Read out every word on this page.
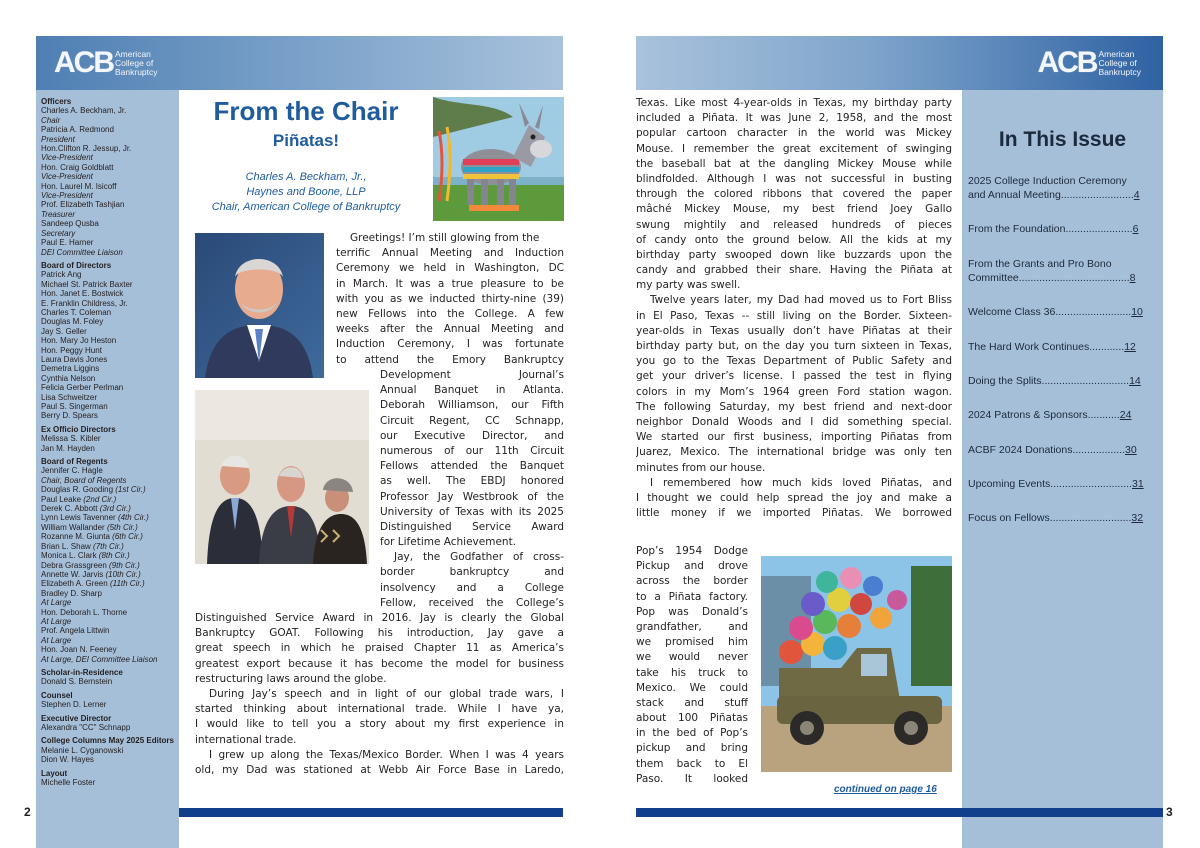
ACB American
College of
Bankruptcy
Officers
Charles A. Beckham, Jr.
Chair
Patricia A. Redmond
President
Hon.Clifton R. Jessup, Jr.
Vice-President
Hon. Craig Goldblatt
Vice-President
Hon. Laurel M. Isicoff
Vice-President
Prof. Elizabeth Tashjian
Treasurer
Sandeep Qusba
Secretary
Paul E. Harner
DEI Committee Liaison
Board of Directors
Patrick Ang
Michael St. Patrick Baxter
Hon. Janet E. Bostwick
E. Franklin Childress, Jr.
Charles T. Coleman
Douglas M. Foley
Jay S. Geller
Hon. Mary Jo Heston
Hon. Peggy Hunt
Laura Davis Jones
Demetra Liggins
Cynthia Nelson
Felicia Gerber Perlman
Lisa Schweitzer
Paul S. Singerman
Berry D. Spears
Ex Officio Directors
Melissa S. Kibler
Jan M. Hayden
Board of Regents
Jennifer C. Hagle
Chair, Board of Regents
Douglas R. Gooding (1st Cir.)
Paul Leake (2nd Cir.)
Derek C. Abbott (3rd Cir.)
Lynn Lewis Tavenner (4th Cir.)
William Wallander (5th Cir.)
Rozanne M. Giunta (6th Cir.)
Brian L. Shaw (7th Cir.)
Monica L. Clark (8th Cir.)
Debra Grassgreen (9th Cir.)
Annette W. Jarvis (10th Cir.)
Elizabeth A. Green (11th Cir.)
Bradley D. Sharp
At Large
Hon. Deborah L. Thorne
At Large
Prof. Angela Littwin
At Large
Hon. Joan N. Feeney
At Large, DEI Committee Liaison
Scholar-in-Residence
Donald S. Bernstein
Counsel
Stephen D. Lerner
Executive Director
Alexandra "CC" Schnapp
College Columns May 2025 Editors
Melanie L. Cyganowski
Dion W. Hayes
Layout
Michelle Foster
From the Chair
Piñatas!
Charles A. Beckham, Jr.,
Haynes and Boone, LLP
Chair, American College of Bankruptcy
Greetings! I’m still glowing from the
terrific Annual Meeting and Induction
Ceremony we held in Washington, DC
in March. It was a true pleasure to be
with you as we inducted thirty-nine (39)
new Fellows into the College. A few
weeks after the Annual Meeting and
Induction Ceremony, I was fortunate
to attend the Emory Bankruptcy
Development Journal’s
Annual Banquet in Atlanta.
Deborah Williamson, our Fifth
Circuit Regent, CC Schnapp,
our Executive Director, and
numerous of our 11th Circuit
Fellows attended the Banquet
as well. The EBDJ honored
Professor Jay Westbrook of the
University of Texas with its 2025
Distinguished Service Award
for Lifetime Achievement.
Jay, the Godfather of cross-
border bankruptcy and
insolvency and a College
Fellow, received the College’s
Distinguished Service Award in 2016. Jay is clearly the Global
Bankruptcy GOAT. Following his introduction, Jay gave a
great speech in which he praised Chapter 11 as America’s
greatest export because it has become the model for business
restructuring laws around the globe.
During Jay’s speech and in light of our global trade wars, I
started thinking about international trade. While I have ya,
I would like to tell you a story about my first experience in
international trade.
I grew up along the Texas/Mexico Border. When I was 4 years
old, my Dad was stationed at Webb Air Force Base in Laredo,
2
ACB American
College of
Bankruptcy
Texas. Like most 4-year-olds in Texas, my birthday party
included a Piñata. It was June 2, 1958, and the most
popular cartoon character in the world was Mickey
Mouse. I remember the great excitement of swinging
the baseball bat at the dangling Mickey Mouse while
blindfolded. Although I was not successful in busting
through the colored ribbons that covered the paper
mâché Mickey Mouse, my best friend Joey Gallo
swung mightily and released hundreds of pieces
of candy onto the ground below. All the kids at my
birthday party swooped down like buzzards upon the
candy and grabbed their share. Having the Piñata at
my party was swell.
Twelve years later, my Dad had moved us to Fort Bliss
in El Paso, Texas -- still living on the Border. Sixteen-
year-olds in Texas usually don’t have Piñatas at their
birthday party but, on the day you turn sixteen in Texas,
you go to the Texas Department of Public Safety and
get your driver’s license. I passed the test in flying
colors in my Mom’s 1964 green Ford station wagon.
The following Saturday, my best friend and next-door
neighbor Donald Woods and I did something special.
We started our first business, importing Piñatas from
Juarez, Mexico. The international bridge was only ten
minutes from our house.
I remembered how much kids loved Piñatas, and
I thought we could help spread the joy and make a
little money if we imported Piñatas. We borrowed
Pop’s 1954 Dodge
Pickup and drove
across the border
to a Piñata factory.
Pop was Donald’s
grandfather, and
we promised him
we would never
take his truck to
Mexico. We could
stack and stuff
about 100 Piñatas
in the bed of Pop’s
pickup and bring
them back to El
Paso. It looked
continued on page 16
In This Issue
2025 College Induction Ceremony
and Annual Meeting.........................4
From the Foundation.......................6
From the Grants and Pro Bono
Committee......................................8
Welcome Class 36..........................10
The Hard Work Continues............12
Doing the Splits..............................14
2024 Patrons & Sponsors...........24
ACBF 2024 Donations..................30
Upcoming Events............................31
Focus on Fellows............................32
3
